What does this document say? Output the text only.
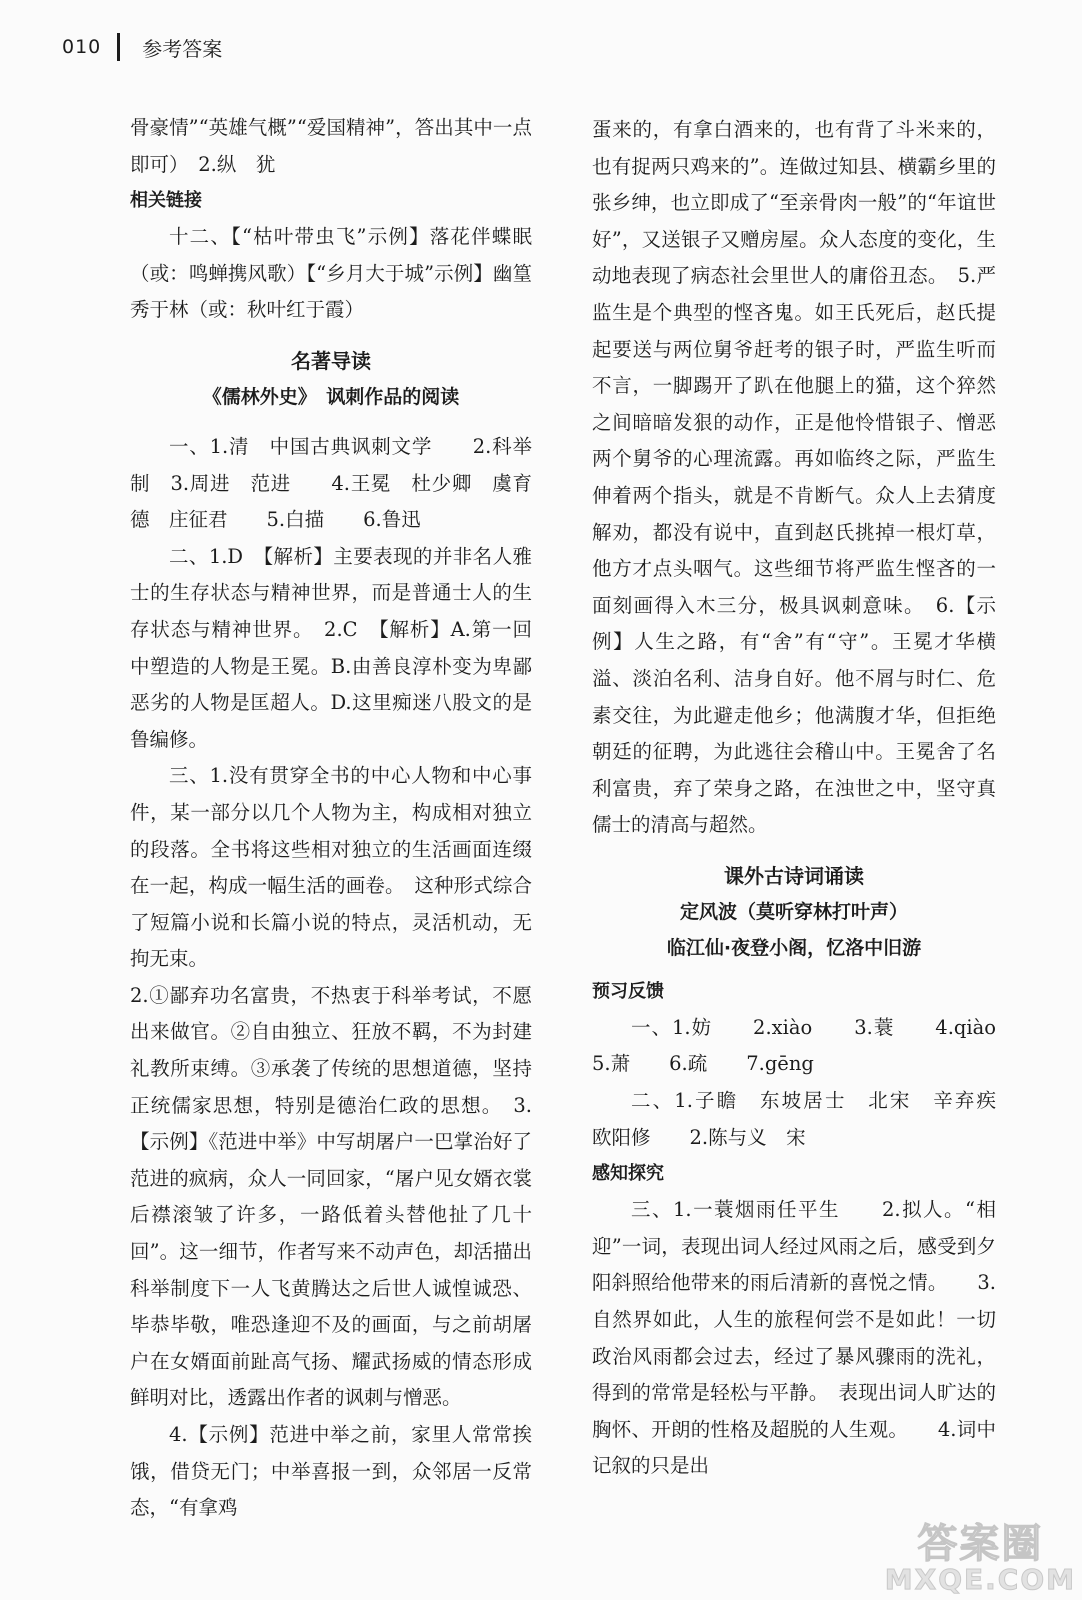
010 参考答案

骨豪情”“英雄气概”“爱国精神”，答出其中一点即可）　2.纵　犹

相关链接

十二、【“枯叶带虫飞”示例】落花伴蝶眠（或：鸣蝉携风歌）【“乡月大于城”示例】幽篁秀于林（或：秋叶红于霞）

名著导读

《儒林外史》　讽刺作品的阅读

一、1.清　中国古典讽刺文学　　2.科举制　3.周进　范进　　4.王冕　杜少卿　虞育德　庄征君　　5.白描　　6.鲁迅

二、1.D　【解析】主要表现的并非名人雅士的生存状态与精神世界，而是普通士人的生存状态与精神世界。　2.C　【解析】A.第一回中塑造的人物是王冕。B.由善良淳朴变为卑鄙恶劣的人物是匡超人。D.这里痴迷八股文的是鲁编修。

三、1.没有贯穿全书的中心人物和中心事件，某一部分以几个人物为主，构成相对独立的段落。全书将这些相对独立的生活画面连缀在一起，构成一幅生活的画卷。　这种形式综合了短篇小说和长篇小说的特点，灵活机动，无拘无束。

2.①鄙弃功名富贵，不热衷于科举考试，不愿出来做官。②自由独立、狂放不羁，不为封建礼教所束缚。③承袭了传统的思想道德，坚持正统儒家思想，特别是德治仁政的思想。　3.【示例】《范进中举》中写胡屠户一巴掌治好了范进的疯病，众人一同回家，“屠户见女婿衣裳后襟滚皱了许多，一路低着头替他扯了几十回”。这一细节，作者写来不动声色，却活描出科举制度下一人飞黄腾达之后世人诚惶诚恐、毕恭毕敬，唯恐逢迎不及的画面，与之前胡屠户在女婿面前趾高气扬、耀武扬威的情态形成鲜明对比，透露出作者的讽刺与憎恶。

4.【示例】范进中举之前，家里人常常挨饿，借贷无门；中举喜报一到，众邻居一反常态，“有拿鸡

蛋来的，有拿白酒来的，也有背了斗米来的，也有捉两只鸡来的”。连做过知县、横霸乡里的张乡绅，也立即成了“至亲骨肉一般”的“年谊世好”，又送银子又赠房屋。众人态度的变化，生动地表现了病态社会里世人的庸俗丑态。　5.严监生是个典型的悭吝鬼。如王氏死后，赵氏提起要送与两位舅爷赶考的银子时，严监生听而不言，一脚踢开了趴在他腿上的猫，这个猝然之间暗暗发狠的动作，正是他怜惜银子、憎恶两个舅爷的心理流露。再如临终之际，严监生伸着两个指头，就是不肯断气。众人上去猜度解劝，都没有说中，直到赵氏挑掉一根灯草，他方才点头咽气。这些细节将严监生悭吝的一面刻画得入木三分，极具讽刺意味。　6.【示例】人生之路，有“舍”有“守”。王冕才华横溢、淡泊名利、洁身自好。他不屑与时仁、危素交往，为此避走他乡；他满腹才华，但拒绝朝廷的征聘，为此逃往会稽山中。王冕舍了名利富贵，弃了荣身之路，在浊世之中，坚守真儒士的清高与超然。

课外古诗词诵读

定风波（莫听穿林打叶声）

临江仙·夜登小阁，忆洛中旧游

预习反馈

一、1.妨　　2.xiào　　3.蓑　　4.qiào　5.萧　　6.疏　　7.gēng

二、1.子瞻　东坡居士　北宋　辛弃疾　欧阳修　　2.陈与义　宋

感知探究

三、1.一蓑烟雨任平生　　2.拟人。“相迎”一词，表现出词人经过风雨之后，感受到夕阳斜照给他带来的雨后清新的喜悦之情。　　3.自然界如此，人生的旅程何尝不是如此！一切政治风雨都会过去，经过了暴风骤雨的洗礼，得到的常常是轻松与平静。　表现出词人旷达的胸怀、开朗的性格及超脱的人生观。　　4.词中记叙的只是出

答案圈
MXQE.COM
